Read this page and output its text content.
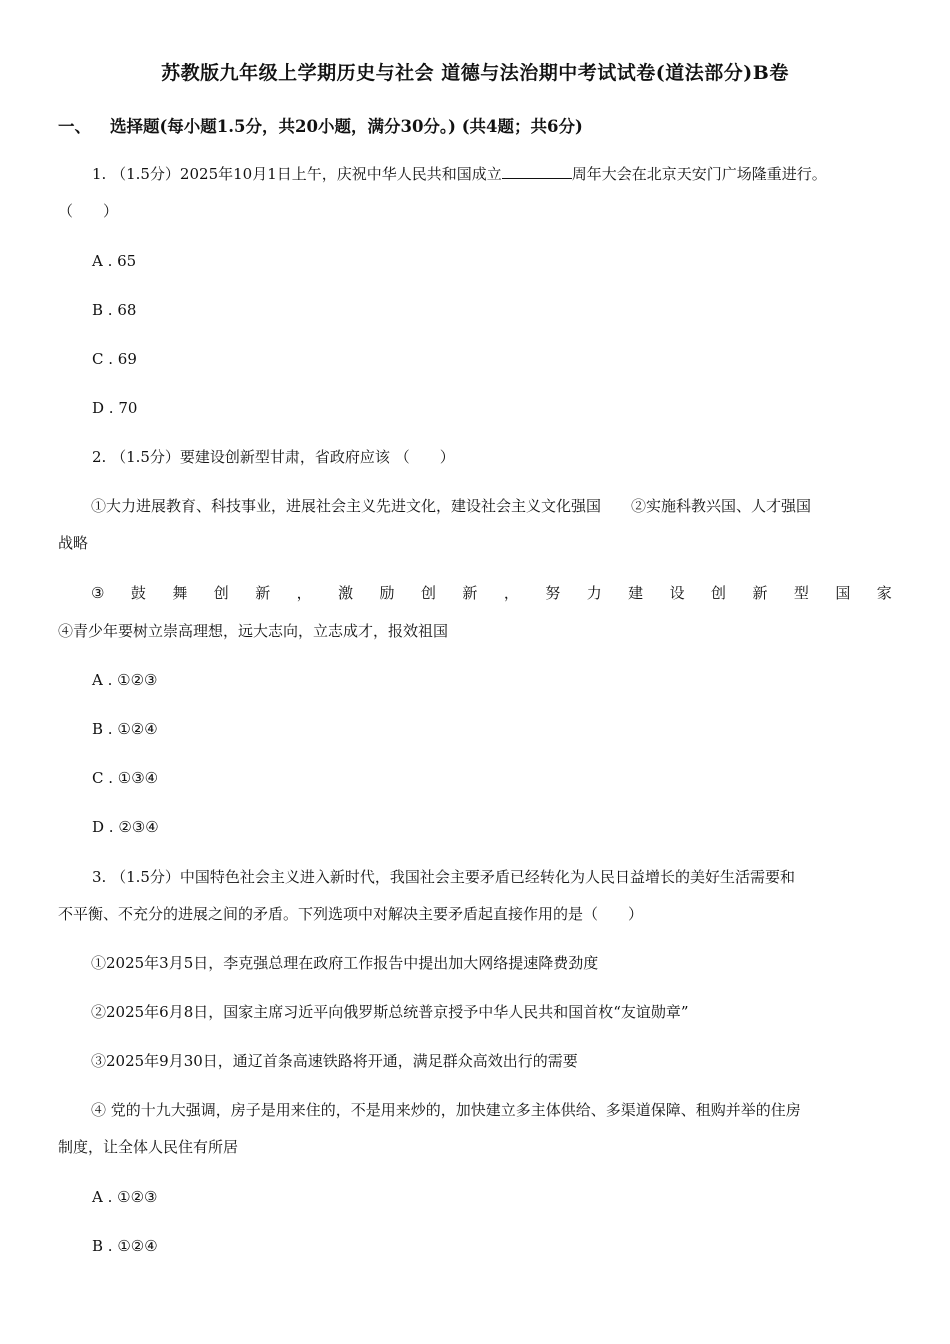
苏教版九年级上学期历史与社会 道德与法治期中考试试卷(道法部分)B卷
一、 选择题(每小题1.5分，共20小题，满分30分。) (共4题；共6分)
1. （1.5分）2025年10月1日上午，庆祝中华人民共和国成立	周年大会在北京天安门广场隆重进行。
（　　）
A . 65
B . 68
C . 69
D . 70
2. （1.5分）要建设创新型甘肃，省政府应该 （　　）
①大力进展教育、科技事业，进展社会主义先进文化，建设社会主义文化强国　　②实施科教兴国、人才强国
战略
③ 鼓 舞 创 新 ， 激 励 创 新 ， 努 力 建 设 创 新 型 国 家
④青少年要树立崇高理想，远大志向，立志成才，报效祖国
A . ①②③
B . ①②④
C . ①③④
D . ②③④
3. （1.5分）中国特色社会主义进入新时代，我国社会主要矛盾已经转化为人民日益增长的美好生活需要和
不平衡、不充分的进展之间的矛盾。下列选项中对解决主要矛盾起直接作用的是（　　）
①2025年3月5日，李克强总理在政府工作报告中提出加大网络提速降费劲度
②2025年6月8日，国家主席习近平向俄罗斯总统普京授予中华人民共和国首枚“友谊勋章”
③2025年9月30日，通辽首条高速铁路将开通，满足群众高效出行的需要
④ 党的十九大强调，房子是用来住的，不是用来炒的，加快建立多主体供给、多渠道保障、租购并举的住房
制度，让全体人民住有所居
A . ①②③
B . ①②④
